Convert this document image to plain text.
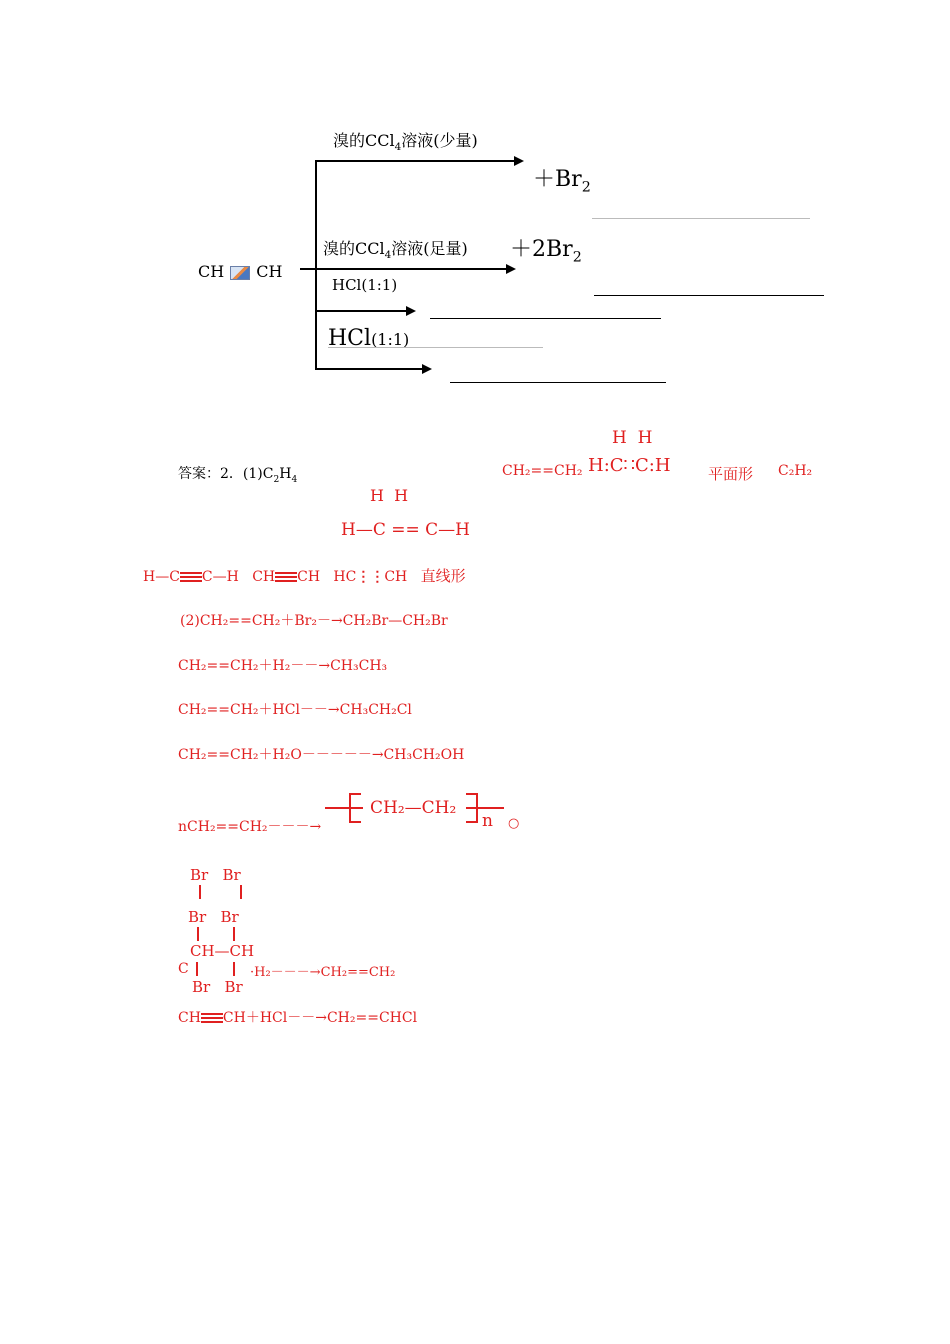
CH CH
溴的CCl$_4$溶液(少量)
$+Br_2$
溴的CCl$_4$溶液(足量) $+2Br_2$
HCl(1:1)
HCl(1:1)
答案：2．$(1)C_2H_4$
CH₂==CH₂
H  H
H:C∷C:H 平面形 C₂H₂
H  H
H—C == C—H
H—C C—H CH CH HC⋮⋮CH 直线形
(2)CH₂==CH₂＋Br₂－→CH₂Br—CH₂Br
CH₂==CH₂＋H₂－－→CH₃CH₃
CH₂==CH₂＋HCl－－→CH₃CH₂Cl
CH₂==CH₂＋H₂O－－－－－→CH₃CH₂OH
nCH₂==CH₂－－－→
CH₂—CH₂
n ○
Br   Br
Br   Br
CH—CH
C	·H₂－－－→CH₂==CH₂
Br   Br
CH CH＋HCl－－→CH₂==CHCl
